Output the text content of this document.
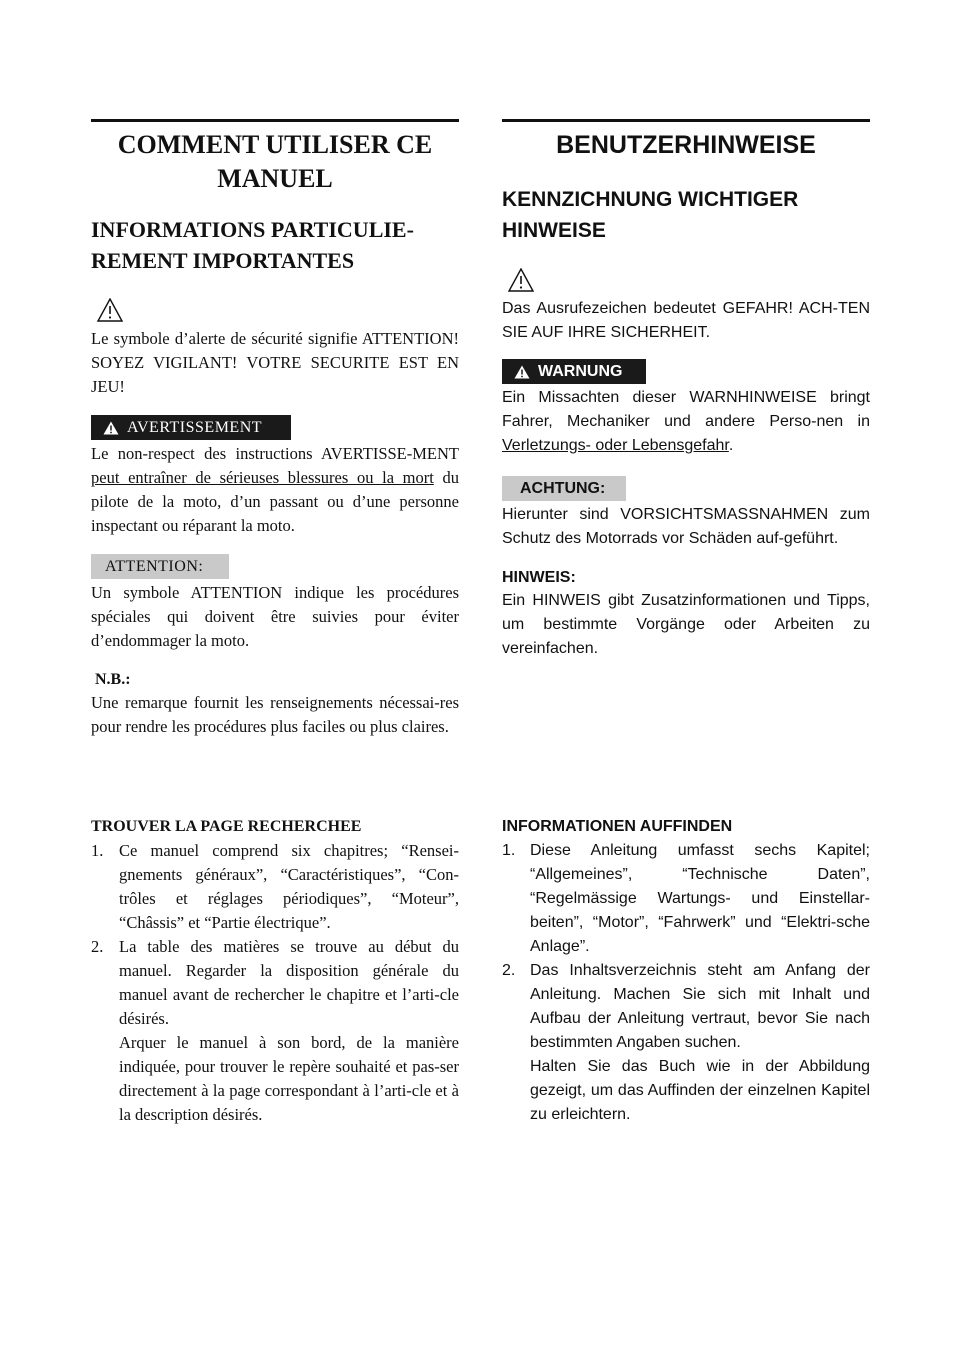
COMMENT UTILISER CE MANUEL
INFORMATIONS PARTICULIE-REMENT IMPORTANTES

Le symbole d’alerte de sécurité signifie ATTENTION! SOYEZ VIGILANT! VOTRE SECURITE EST EN JEU!

AVERTISSEMENT

Le non-respect des instructions AVERTISSE-MENT peut entraîner de sérieuses blessures ou la mort du pilote de la moto, d’un passant ou d’une personne inspectant ou réparant la moto.

ATTENTION:

Un symbole ATTENTION indique les procédures spéciales qui doivent être suivies pour éviter d’endommager la moto.

N.B.:

Une remarque fournit les renseignements nécessai-res pour rendre les procédures plus faciles ou plus claires.

TROUVER LA PAGE RECHERCHEE
1. Ce manuel comprend six chapitres; “Rensei-gnements généraux”, “Caractéristiques”, “Con-trôles et réglages périodiques”, “Moteur”, “Châssis” et “Partie électrique”.
2. La table des matières se trouve au début du manuel. Regarder la disposition générale du manuel avant de rechercher le chapitre et l’arti-cle désirés.
Arquer le manuel à son bord, de la manière indiquée, pour trouver le repère souhaité et pas-ser directement à la page correspondant à l’arti-cle et à la description désirés.
BENUTZERHINWEISE
KENNZICHNUNG WICHTIGER HINWEISE

Das Ausrufezeichen bedeutet GEFAHR! ACH-TEN SIE AUF IHRE SICHERHEIT.

WARNUNG

Ein Missachten dieser WARNHINWEISE bringt Fahrer, Mechaniker und andere Perso-nen in Verletzungs- oder Lebensgefahr.

ACHTUNG:

Hierunter sind VORSICHTSMASSNAHMEN zum Schutz des Motorrads vor Schäden auf-geführt.

HINWEIS:

Ein HINWEIS gibt Zusatzinformationen und Tipps, um bestimmte Vorgänge oder Arbeiten zu vereinfachen.

INFORMATIONEN AUFFINDEN
1. Diese Anleitung umfasst sechs Kapitel; “Allgemeines”, “Technische Daten”, “Regelmässige Wartungs- und Einstellar-beiten”, “Motor”, “Fahrwerk” und “Elektri-sche Anlage”.
2. Das Inhaltsverzeichnis steht am Anfang der Anleitung. Machen Sie sich mit Inhalt und Aufbau der Anleitung vertraut, bevor Sie nach bestimmten Angaben suchen.
Halten Sie das Buch wie in der Abbildung gezeigt, um das Auffinden der einzelnen Kapitel zu erleichtern.
